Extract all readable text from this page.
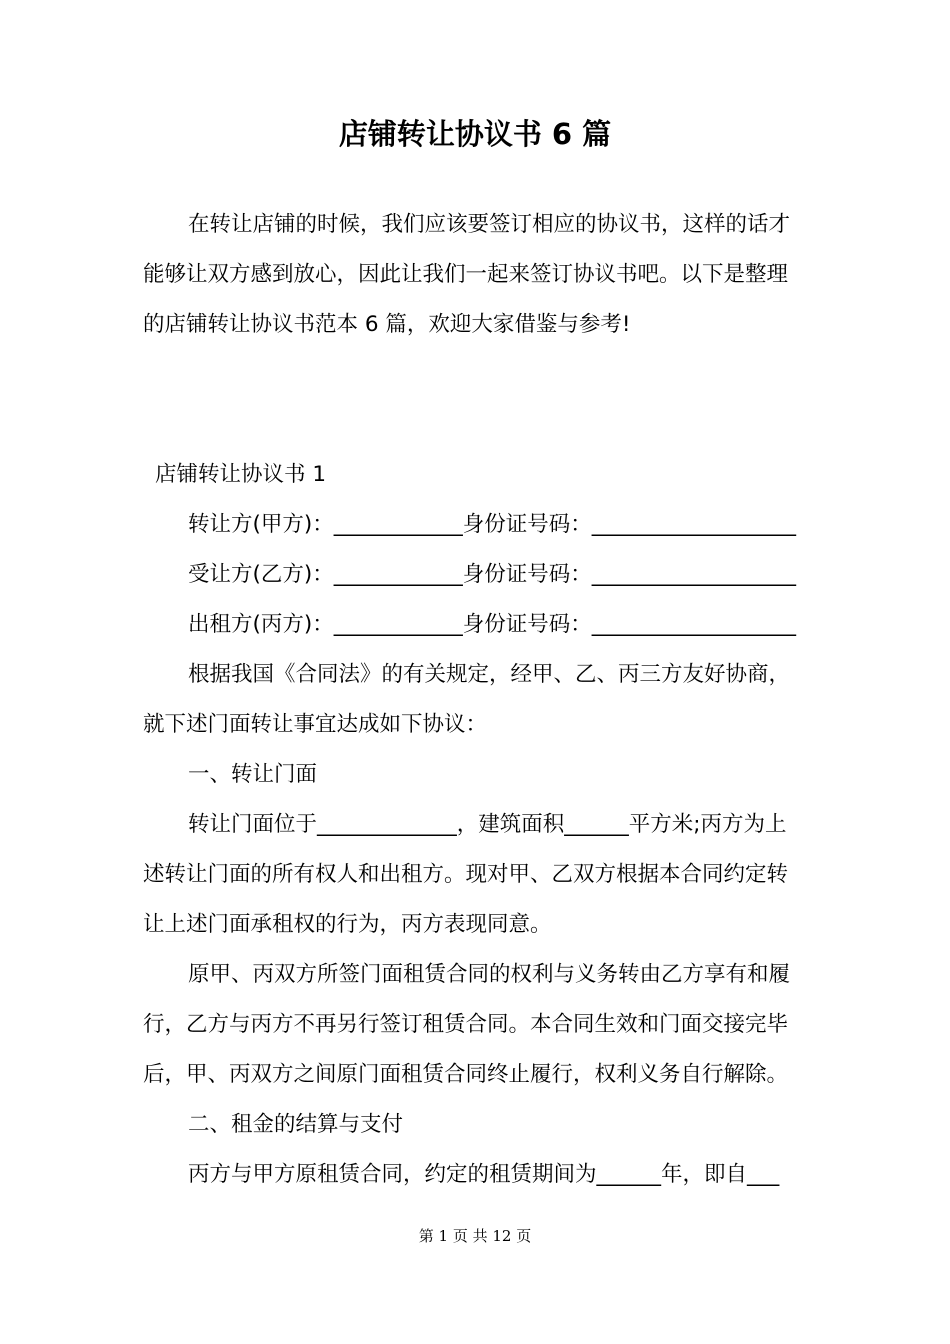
店铺转让协议书 6 篇
在转让店铺的时候，我们应该要签订相应的协议书，这样的话才
能够让双方感到放心，因此让我们一起来签订协议书吧。以下是整理
的店铺转让协议书范本 6 篇，欢迎大家借鉴与参考!
店铺转让协议书 1
转让方(甲方)：____________身份证号码：___________________
受让方(乙方)：____________身份证号码：___________________
出租方(丙方)：____________身份证号码：___________________
根据我国《合同法》的有关规定，经甲、乙、丙三方友好协商，
就下述门面转让事宜达成如下协议：
一、转让门面
转让门面位于_____________，建筑面积______平方米;丙方为上
述转让门面的所有权人和出租方。现对甲、乙双方根据本合同约定转
让上述门面承租权的行为，丙方表现同意。
原甲、丙双方所签门面租赁合同的权利与义务转由乙方享有和履
行，乙方与丙方不再另行签订租赁合同。本合同生效和门面交接完毕
后，甲、丙双方之间原门面租赁合同终止履行，权利义务自行解除。
二、租金的结算与支付
丙方与甲方原租赁合同，约定的租赁期间为______年，即自___
第 1 页 共 12 页
